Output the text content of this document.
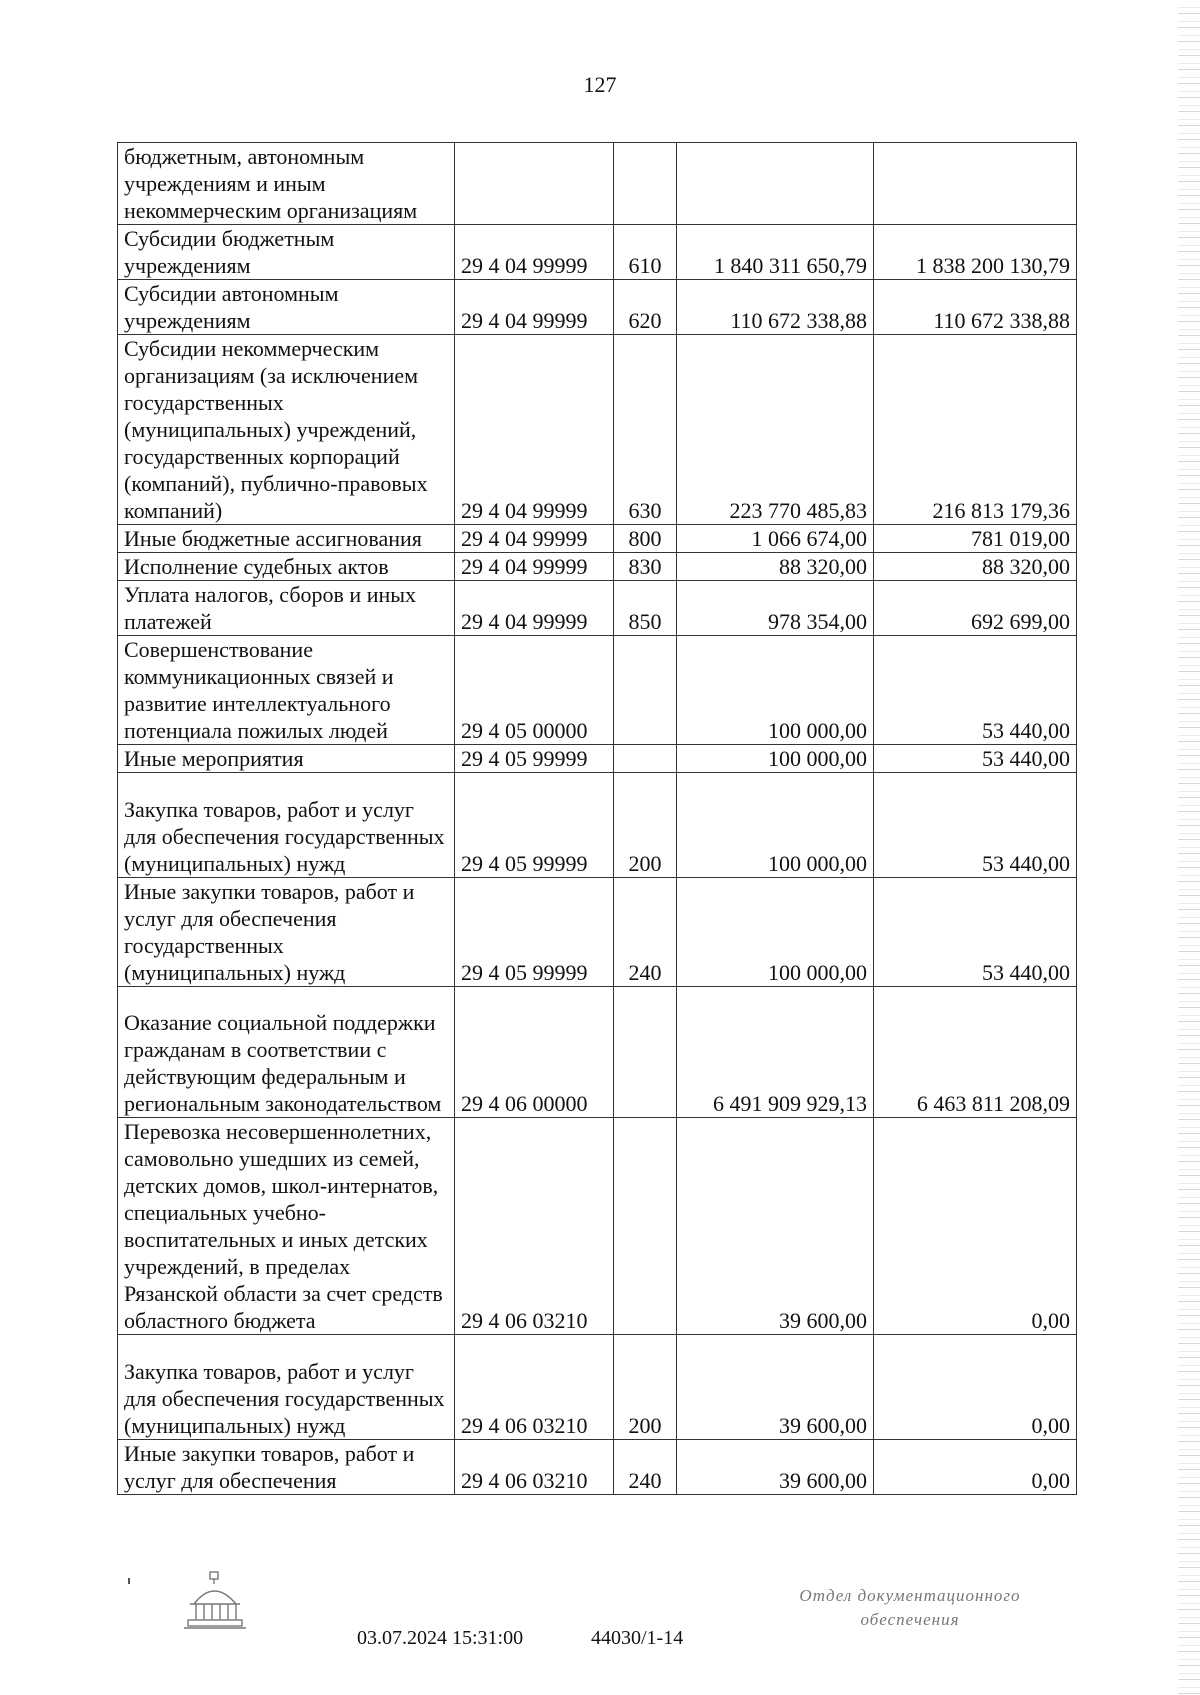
127
бюджетным, автономным учреждениям и иным некоммерческим организациям				
Субсидии бюджетным учреждениям	29 4 04 99999	610	1 840 311 650,79	1 838 200 130,79
Субсидии автономным учреждениям	29 4 04 99999	620	110 672 338,88	110 672 338,88
Субсидии некоммерческим организациям (за исключением государственных (муниципальных) учреждений, государственных корпораций (компаний), публично-правовых компаний)	29 4 04 99999	630	223 770 485,83	216 813 179,36
Иные бюджетные ассигнования	29 4 04 99999	800	1 066 674,00	781 019,00
Исполнение судебных актов	29 4 04 99999	830	88 320,00	88 320,00
Уплата налогов, сборов и иных платежей	29 4 04 99999	850	978 354,00	692 699,00
Совершенствование коммуникационных связей и развитие интеллектуального потенциала пожилых людей	29 4 05 00000		100 000,00	53 440,00
Иные мероприятия	29 4 05 99999		100 000,00	53 440,00
Закупка товаров, работ и услуг для обеспечения государственных (муниципальных) нужд	29 4 05 99999	200	100 000,00	53 440,00
Иные закупки товаров, работ и услуг для обеспечения государственных (муниципальных) нужд	29 4 05 99999	240	100 000,00	53 440,00
Оказание социальной поддержки гражданам в соответствии с действующим федеральным и региональным законодательством	29 4 06 00000		6 491 909 929,13	6 463 811 208,09
Перевозка несовершеннолетних, самовольно ушедших из семей, детских домов, школ-интернатов, специальных учебно-воспитательных и иных детских учреждений, в пределах Рязанской области за счет средств областного бюджета	29 4 06 03210		39 600,00	0,00
Закупка товаров, работ и услуг для обеспечения государственных (муниципальных) нужд	29 4 06 03210	200	39 600,00	0,00
Иные закупки товаров, работ и услуг для обеспечения	29 4 06 03210	240	39 600,00	0,00
03.07.2024 15:31:00	44030/1-14
Отдел документационного
обеспечения
